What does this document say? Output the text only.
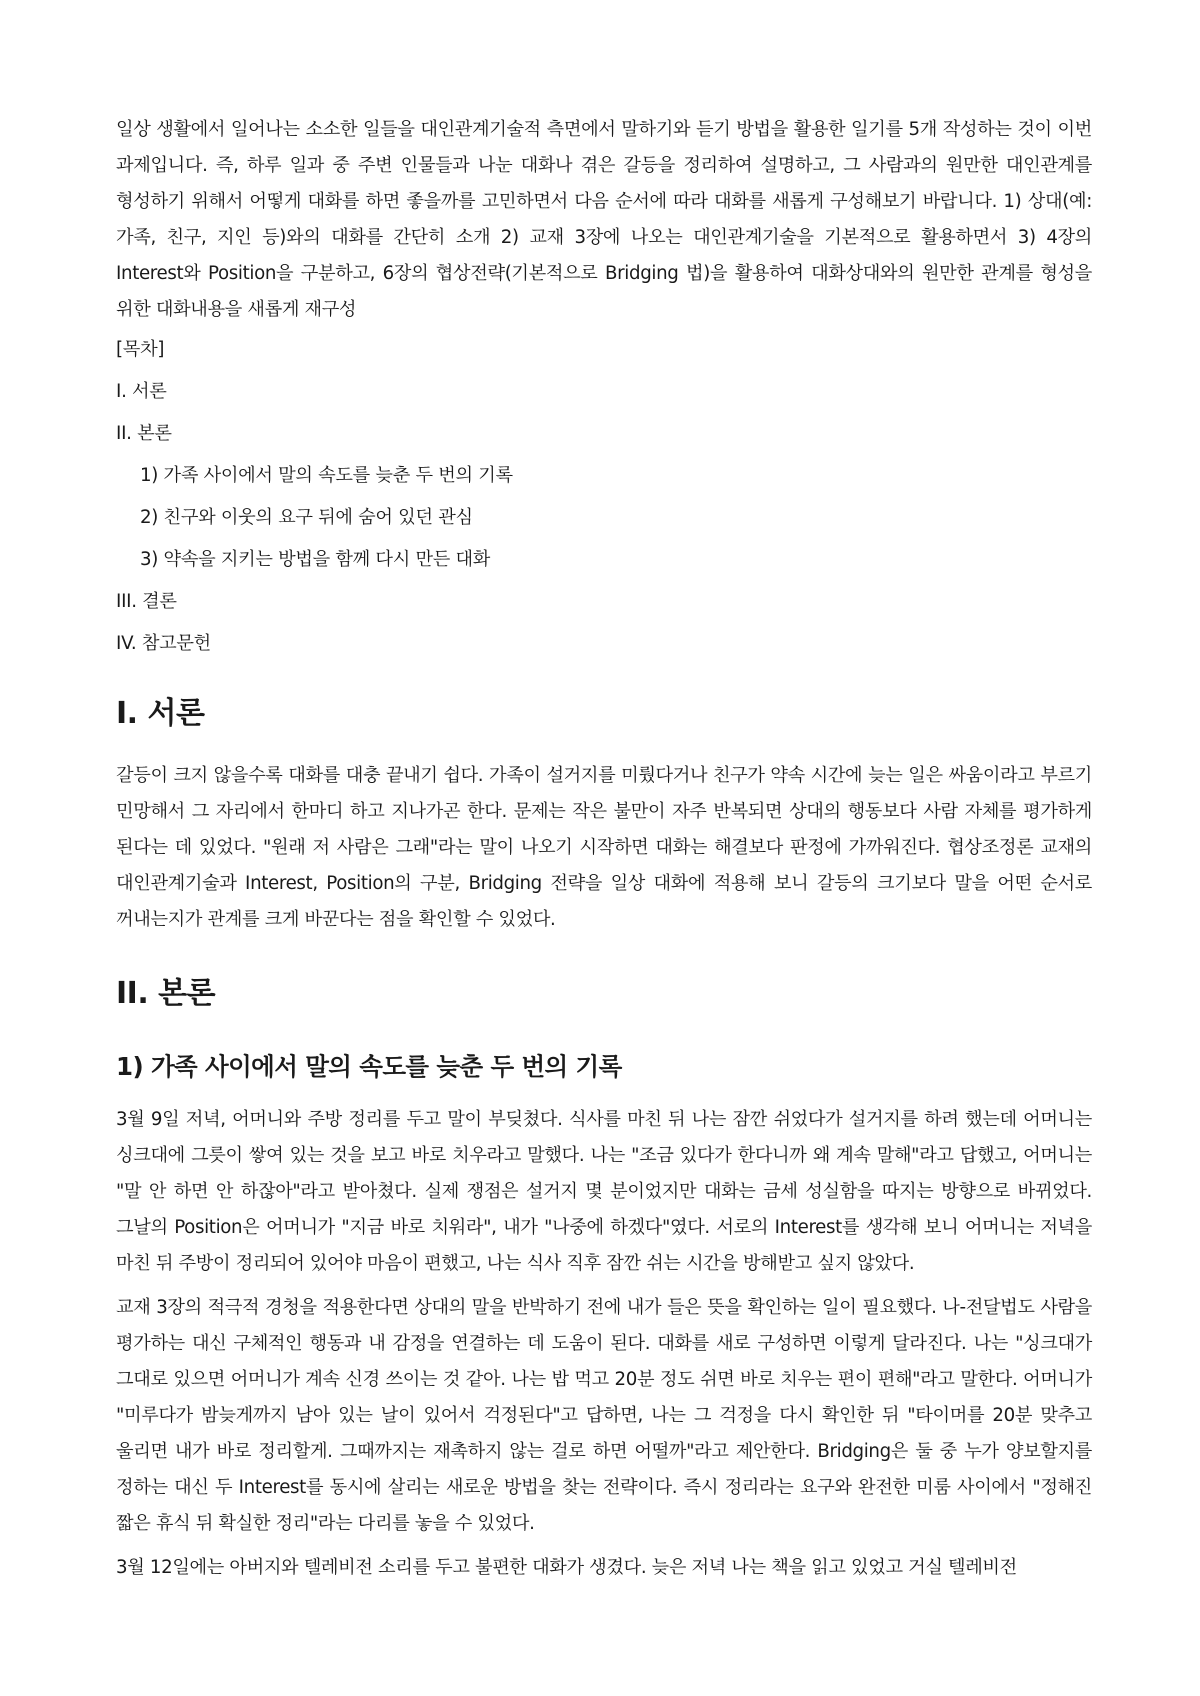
일상 생활에서 일어나는 소소한 일들을 대인관계기술적 측면에서 말하기와 듣기 방법을 활용한 일기를 5개 작성하는 것이 이번 과제입니다. 즉, 하루 일과 중 주변 인물들과 나눈 대화나 겪은 갈등을 정리하여 설명하고, 그 사람과의 원만한 대인관계를 형성하기 위해서 어떻게 대화를 하면 좋을까를 고민하면서 다음 순서에 따라 대화를 새롭게 구성해보기 바랍니다. 1) 상대(예: 가족, 친구, 지인 등)와의 대화를 간단히 소개 2) 교재 3장에 나오는 대인관계기술을 기본적으로 활용하면서 3) 4장의 Interest와 Position을 구분하고, 6장의 협상전략(기본적으로 Bridging 법)을 활용하여 대화상대와의 원만한 관계를 형성을 위한 대화내용을 새롭게 재구성

[목차]
I. 서론
II. 본론
1) 가족 사이에서 말의 속도를 늦춘 두 번의 기록
2) 친구와 이웃의 요구 뒤에 숨어 있던 관심
3) 약속을 지키는 방법을 함께 다시 만든 대화
III. 결론
IV. 참고문헌
I. 서론

갈등이 크지 않을수록 대화를 대충 끝내기 쉽다. 가족이 설거지를 미뤘다거나 친구가 약속 시간에 늦는 일은 싸움이라고 부르기 민망해서 그 자리에서 한마디 하고 지나가곤 한다. 문제는 작은 불만이 자주 반복되면 상대의 행동보다 사람 자체를 평가하게 된다는 데 있었다. "원래 저 사람은 그래"라는 말이 나오기 시작하면 대화는 해결보다 판정에 가까워진다. 협상조정론 교재의 대인관계기술과 Interest, Position의 구분, Bridging 전략을 일상 대화에 적용해 보니 갈등의 크기보다 말을 어떤 순서로 꺼내는지가 관계를 크게 바꾼다는 점을 확인할 수 있었다.

II. 본론
1) 가족 사이에서 말의 속도를 늦춘 두 번의 기록

3월 9일 저녁, 어머니와 주방 정리를 두고 말이 부딪쳤다. 식사를 마친 뒤 나는 잠깐 쉬었다가 설거지를 하려 했는데 어머니는 싱크대에 그릇이 쌓여 있는 것을 보고 바로 치우라고 말했다. 나는 "조금 있다가 한다니까 왜 계속 말해"라고 답했고, 어머니는 "말 안 하면 안 하잖아"라고 받아쳤다. 실제 쟁점은 설거지 몇 분이었지만 대화는 금세 성실함을 따지는 방향으로 바뀌었다. 그날의 Position은 어머니가 "지금 바로 치워라", 내가 "나중에 하겠다"였다. 서로의 Interest를 생각해 보니 어머니는 저녁을 마친 뒤 주방이 정리되어 있어야 마음이 편했고, 나는 식사 직후 잠깐 쉬는 시간을 방해받고 싶지 않았다.

교재 3장의 적극적 경청을 적용한다면 상대의 말을 반박하기 전에 내가 들은 뜻을 확인하는 일이 필요했다. 나-전달법도 사람을 평가하는 대신 구체적인 행동과 내 감정을 연결하는 데 도움이 된다. 대화를 새로 구성하면 이렇게 달라진다. 나는 "싱크대가 그대로 있으면 어머니가 계속 신경 쓰이는 것 같아. 나는 밥 먹고 20분 정도 쉬면 바로 치우는 편이 편해"라고 말한다. 어머니가 "미루다가 밤늦게까지 남아 있는 날이 있어서 걱정된다"고 답하면, 나는 그 걱정을 다시 확인한 뒤 "타이머를 20분 맞추고 울리면 내가 바로 정리할게. 그때까지는 재촉하지 않는 걸로 하면 어떨까"라고 제안한다. Bridging은 둘 중 누가 양보할지를 정하는 대신 두 Interest를 동시에 살리는 새로운 방법을 찾는 전략이다. 즉시 정리라는 요구와 완전한 미룸 사이에서 "정해진 짧은 휴식 뒤 확실한 정리"라는 다리를 놓을 수 있었다.

3월 12일에는 아버지와 텔레비전 소리를 두고 불편한 대화가 생겼다. 늦은 저녁 나는 책을 읽고 있었고 거실 텔레비전
